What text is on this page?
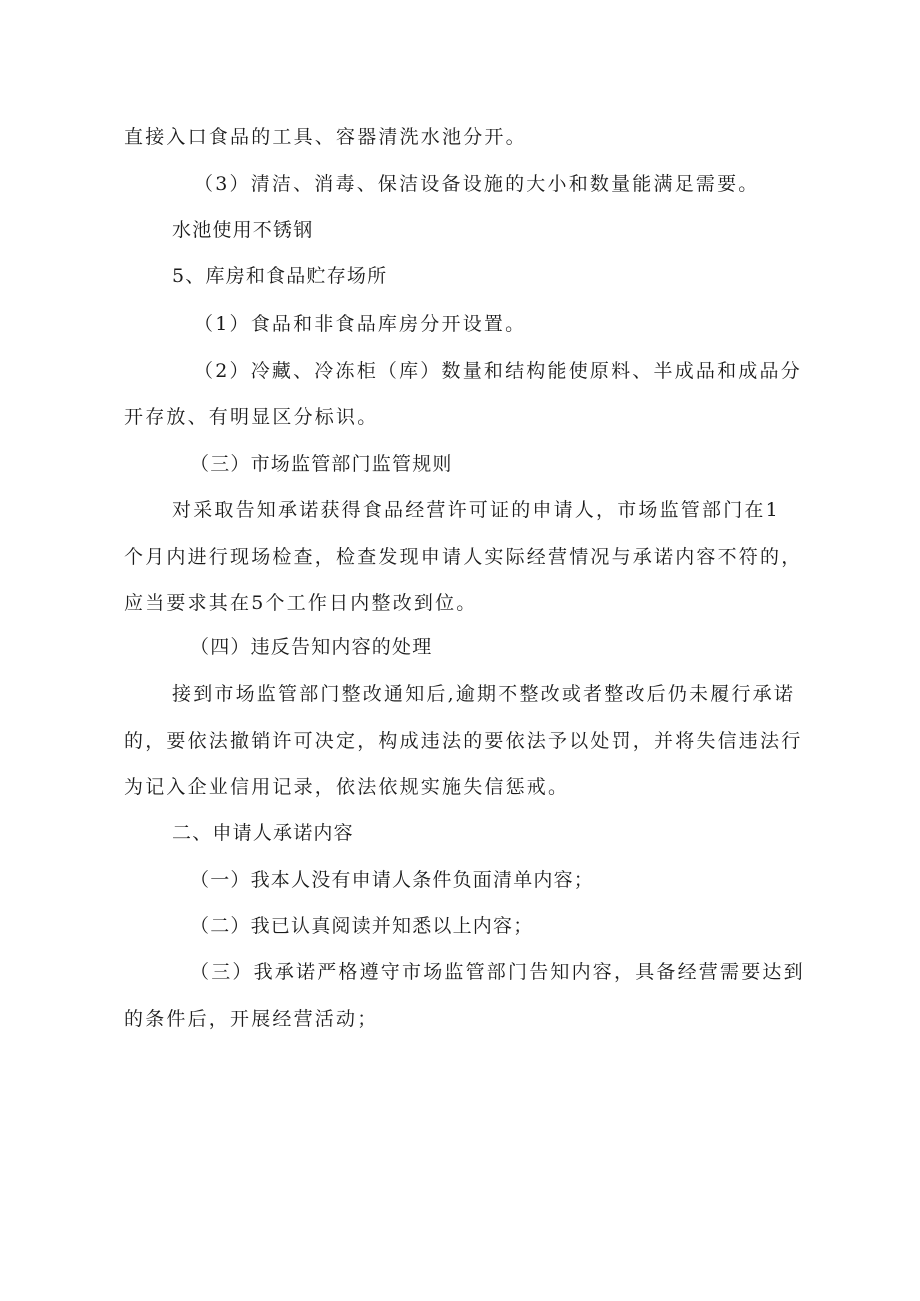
直接入口食品的工具、容器清洗水池分开。
（3）清洁、消毒、保洁设备设施的大小和数量能满足需要。
水池使用不锈钢
5、库房和食品贮存场所
（1）食品和非食品库房分开设置。
（2）冷藏、冷冻柜（库）数量和结构能使原料、半成品和成品分
开存放、有明显区分标识。
（三）市场监管部门监管规则
对采取告知承诺获得食品经营许可证的申请人，市场监管部门在1
个月内进行现场检查，检查发现申请人实际经营情况与承诺内容不符的，
应当要求其在5个工作日内整改到位。
（四）违反告知内容的处理
接到市场监管部门整改通知后,逾期不整改或者整改后仍未履行承诺
的，要依法撤销许可决定，构成违法的要依法予以处罚，并将失信违法行
为记入企业信用记录，依法依规实施失信惩戒。
二、申请人承诺内容
（一）我本人没有申请人条件负面清单内容；
（二）我已认真阅读并知悉以上内容；
（三）我承诺严格遵守市场监管部门告知内容，具备经营需要达到
的条件后，开展经营活动；
